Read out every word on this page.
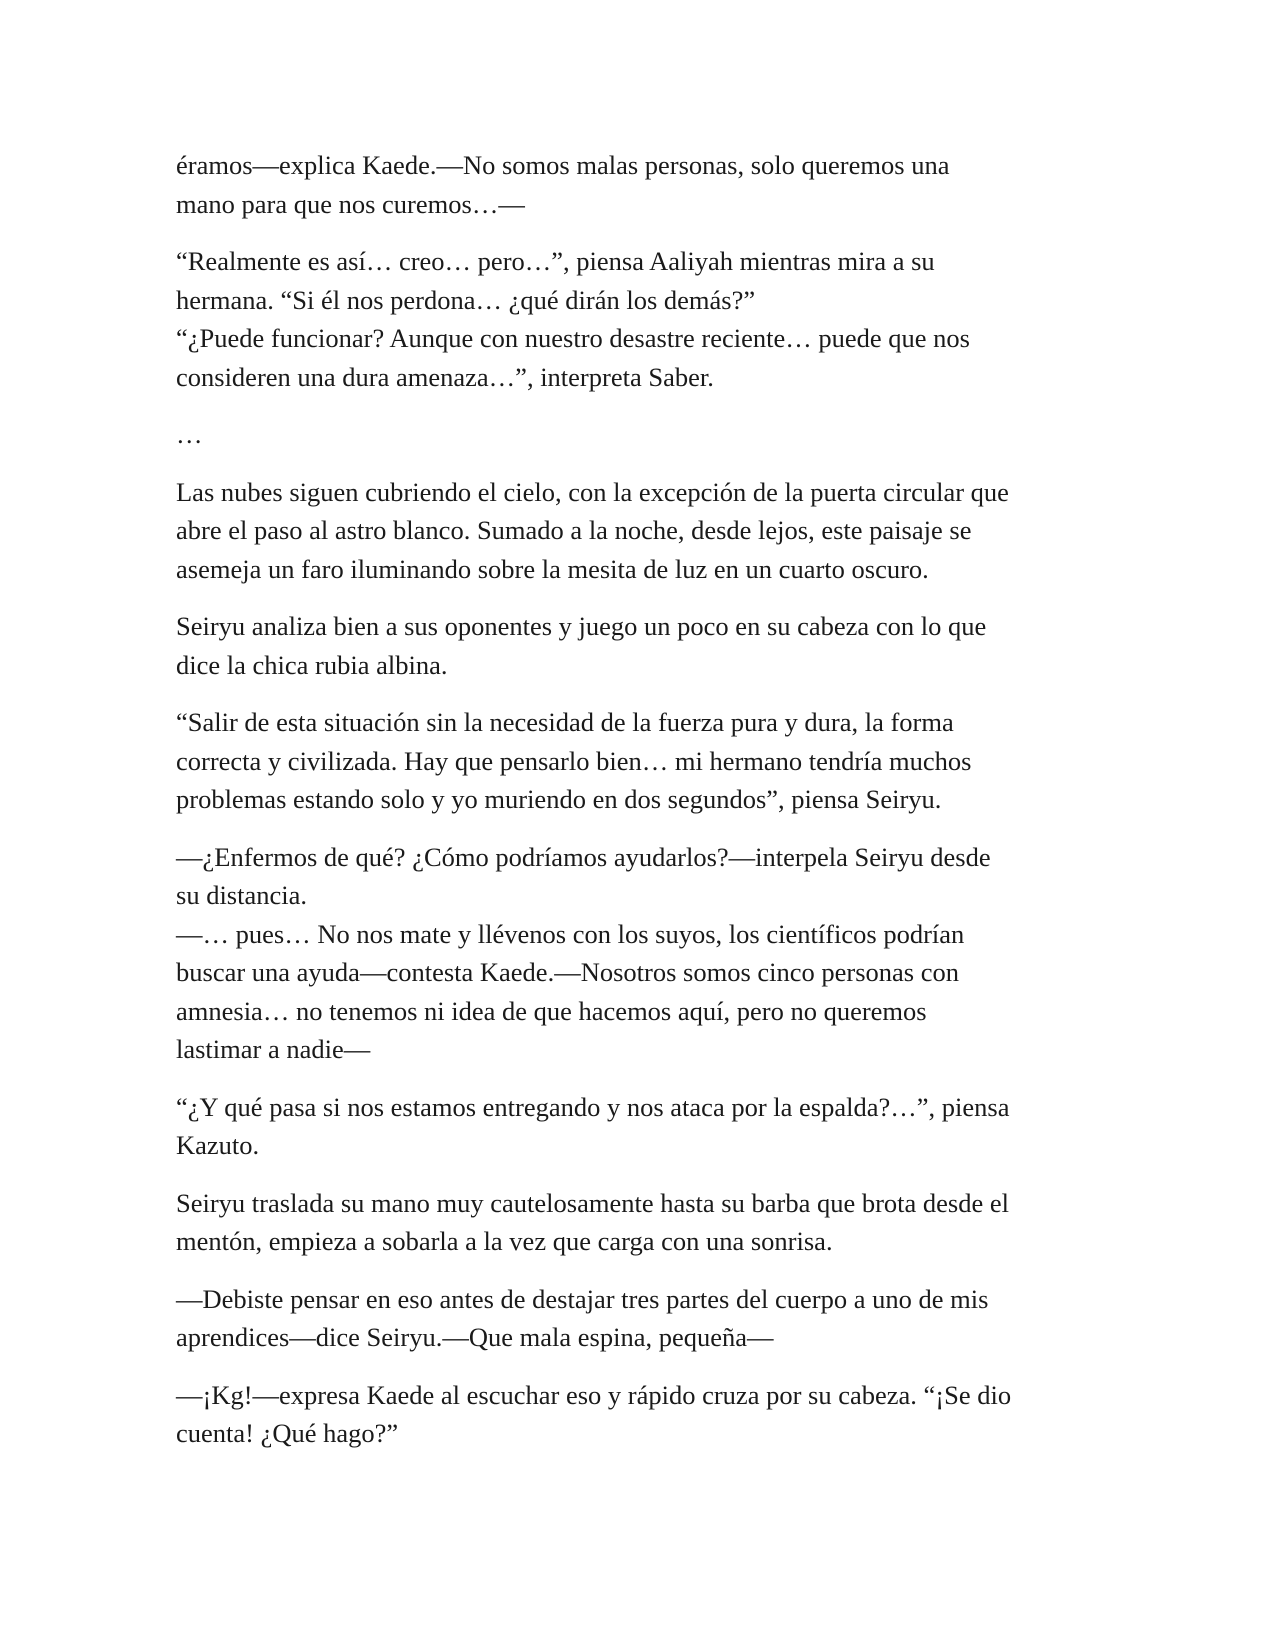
éramos—explica Kaede.—No somos malas personas, solo queremos una
mano para que nos curemos…—
“Realmente es así… creo… pero…”, piensa Aaliyah mientras mira a su
hermana. “Si él nos perdona… ¿qué dirán los demás?”
“¿Puede funcionar? Aunque con nuestro desastre reciente… puede que nos
consideren una dura amenaza…”, interpreta Saber.
…
Las nubes siguen cubriendo el cielo, con la excepción de la puerta circular que
abre el paso al astro blanco. Sumado a la noche, desde lejos, este paisaje se
asemeja un faro iluminando sobre la mesita de luz en un cuarto oscuro.
Seiryu analiza bien a sus oponentes y juego un poco en su cabeza con lo que
dice la chica rubia albina.
“Salir de esta situación sin la necesidad de la fuerza pura y dura, la forma
correcta y civilizada. Hay que pensarlo bien… mi hermano tendría muchos
problemas estando solo y yo muriendo en dos segundos”, piensa Seiryu.
—¿Enfermos de qué? ¿Cómo podríamos ayudarlos?—interpela Seiryu desde
su distancia.
—… pues… No nos mate y llévenos con los suyos, los científicos podrían
buscar una ayuda—contesta Kaede.—Nosotros somos cinco personas con
amnesia… no tenemos ni idea de que hacemos aquí, pero no queremos
lastimar a nadie—
“¿Y qué pasa si nos estamos entregando y nos ataca por la espalda?…”, piensa
Kazuto.
Seiryu traslada su mano muy cautelosamente hasta su barba que brota desde el
mentón, empieza a sobarla a la vez que carga con una sonrisa.
—Debiste pensar en eso antes de destajar tres partes del cuerpo a uno de mis
aprendices—dice Seiryu.—Que mala espina, pequeña—
—¡Kg!—expresa Kaede al escuchar eso y rápido cruza por su cabeza. “¡Se dio
cuenta! ¿Qué hago?”
